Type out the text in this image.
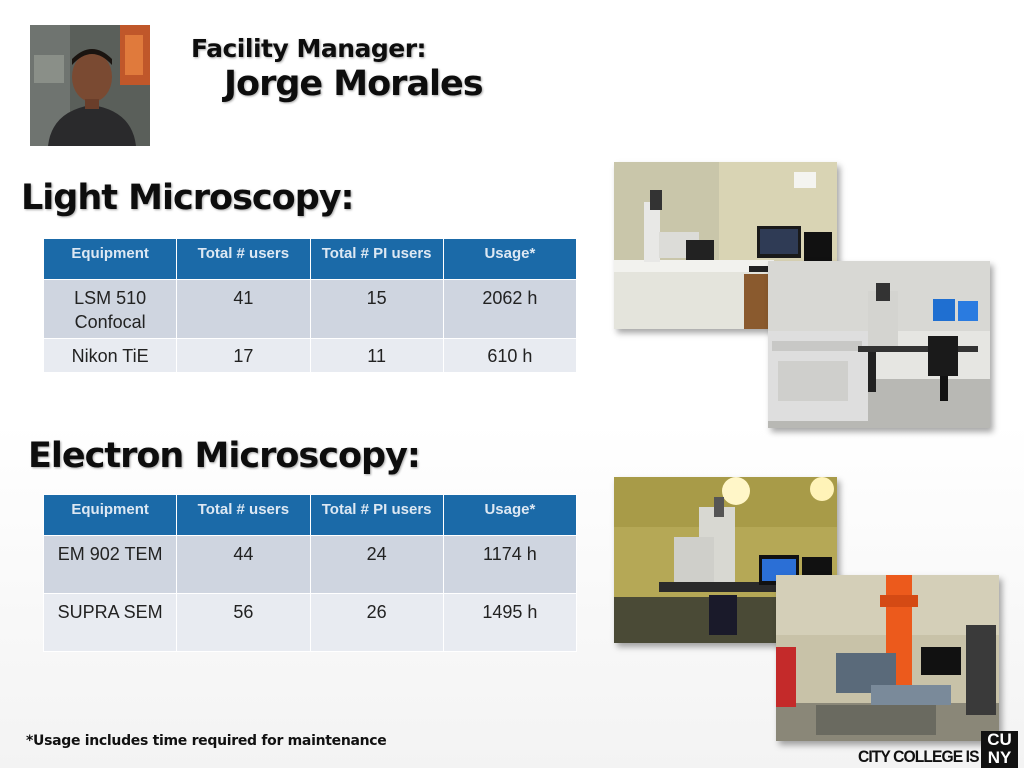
Facility Manager:
Jorge Morales
Light Microscopy:
Equipment	Total # users	Total # PI users	Usage*
LSM 510 Confocal	41	15	2062 h
Nikon TiE	17	11	610 h
Electron Microscopy:
Equipment	Total # users	Total # PI users	Usage*
EM 902 TEM	44	24	1174 h
SUPRA SEM	56	26	1495 h
*Usage includes time required for maintenance
CITY COLLEGE IS
CU
NY
